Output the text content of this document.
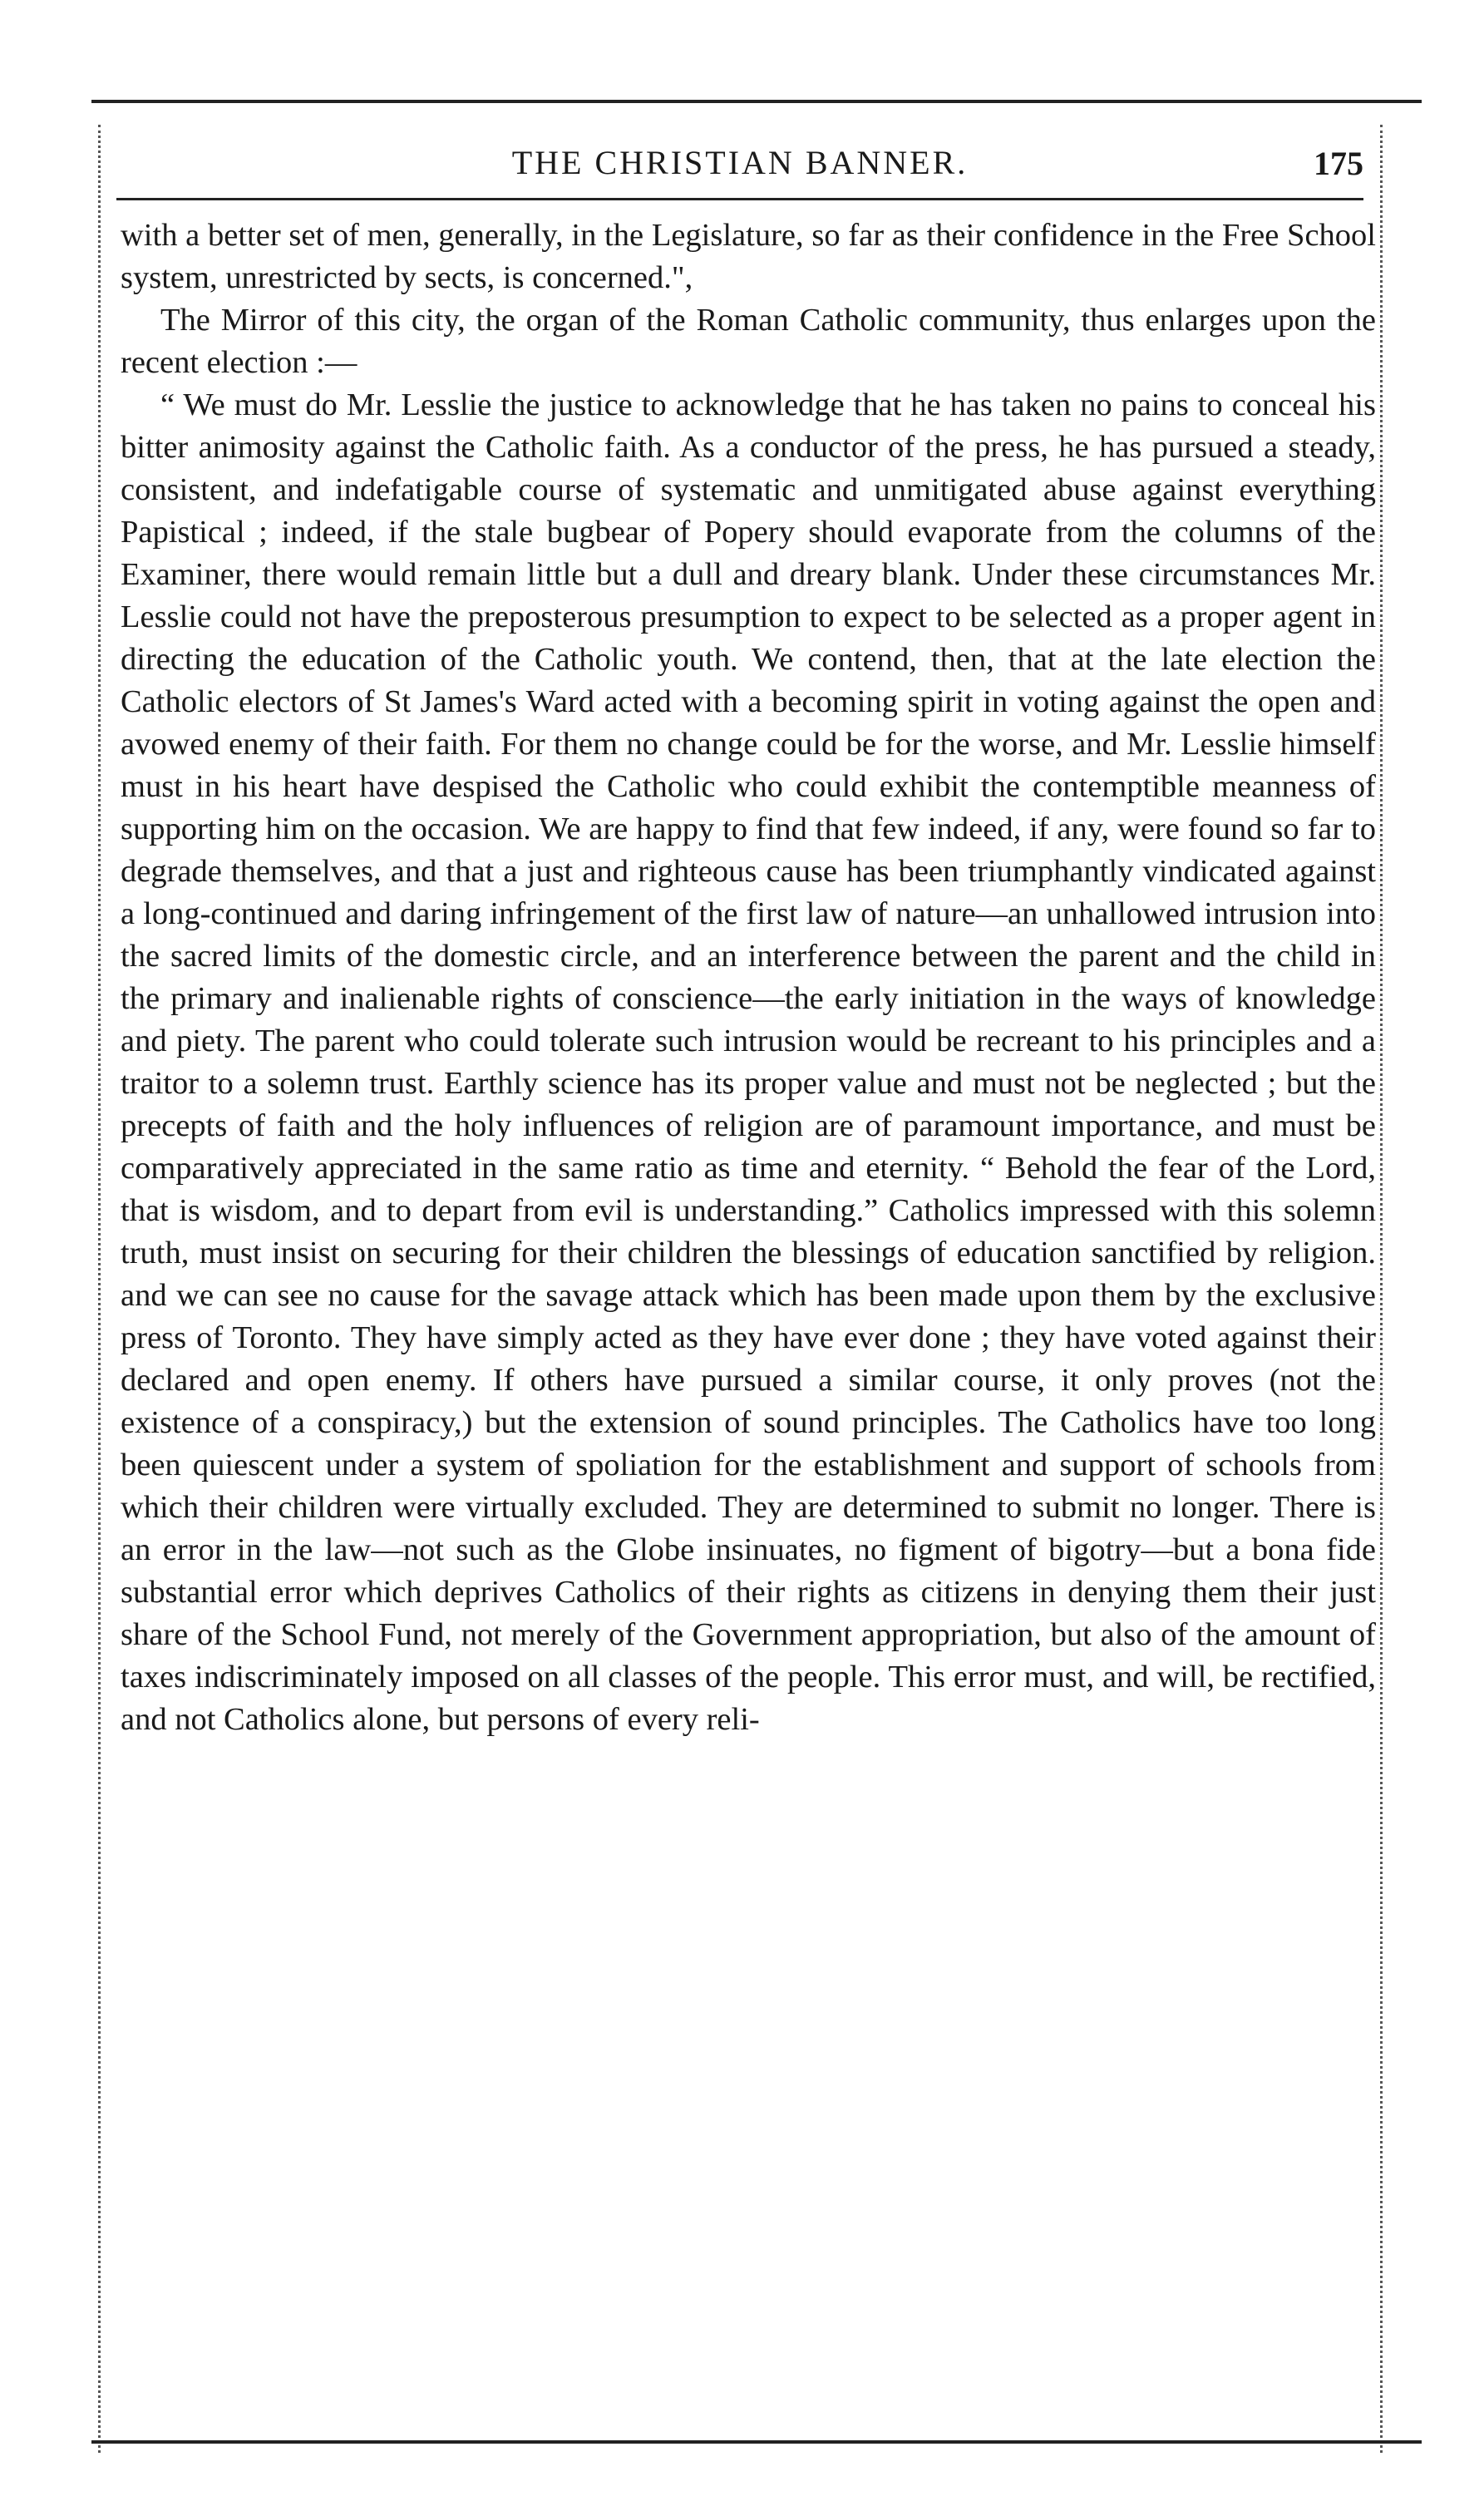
THE CHRISTIAN BANNER.	175

with a better set of men, generally, in the Legislature, so far as their confidence in the Free School system, unrestricted by sects, is concerned.",

The Mirror of this city, the organ of the Roman Catholic community, thus enlarges upon the recent election :—

“ We must do Mr. Lesslie the justice to acknowledge that he has taken no pains to conceal his bitter animosity against the Catholic faith. As a conductor of the press, he has pursued a steady, consistent, and indefatigable course of systematic and unmitigated abuse against everything Papistical ; indeed, if the stale bugbear of Popery should evaporate from the columns of the Examiner, there would remain little but a dull and dreary blank. Under these circumstances Mr. Lesslie could not have the preposterous presumption to expect to be selected as a proper agent in directing the education of the Catholic youth. We contend, then, that at the late election the Catholic electors of St James's Ward acted with a becoming spirit in voting against the open and avowed enemy of their faith. For them no change could be for the worse, and Mr. Lesslie himself must in his heart have despised the Catholic who could exhibit the contemptible meanness of supporting him on the occasion. We are happy to find that few indeed, if any, were found so far to degrade themselves, and that a just and righteous cause has been triumphantly vindicated against a long-continued and daring infringement of the first law of nature—an unhallowed intrusion into the sacred limits of the domestic circle, and an interference between the parent and the child in the primary and inalienable rights of conscience—the early initiation in the ways of knowledge and piety. The parent who could tolerate such intrusion would be recreant to his principles and a traitor to a solemn trust. Earthly science has its proper value and must not be neglected ; but the precepts of faith and the holy influences of religion are of paramount importance, and must be comparatively appreciated in the same ratio as time and eternity. “ Behold the fear of the Lord, that is wisdom, and to depart from evil is understanding.” Catholics impressed with this solemn truth, must insist on securing for their children the blessings of education sanctified by religion. and we can see no cause for the savage attack which has been made upon them by the exclusive press of Toronto. They have simply acted as they have ever done ; they have voted against their declared and open enemy. If others have pursued a similar course, it only proves (not the existence of a conspiracy,) but the extension of sound principles. The Catholics have too long been quiescent under a system of spoliation for the establishment and support of schools from which their children were virtually excluded. They are determined to submit no longer. There is an error in the law—not such as the Globe insinuates, no figment of bigotry—but a bona fide substantial error which deprives Catholics of their rights as citizens in denying them their just share of the School Fund, not merely of the Government appropriation, but also of the amount of taxes indiscriminately imposed on all classes of the people. This error must, and will, be rectified, and not Catholics alone, but persons of every reli-
